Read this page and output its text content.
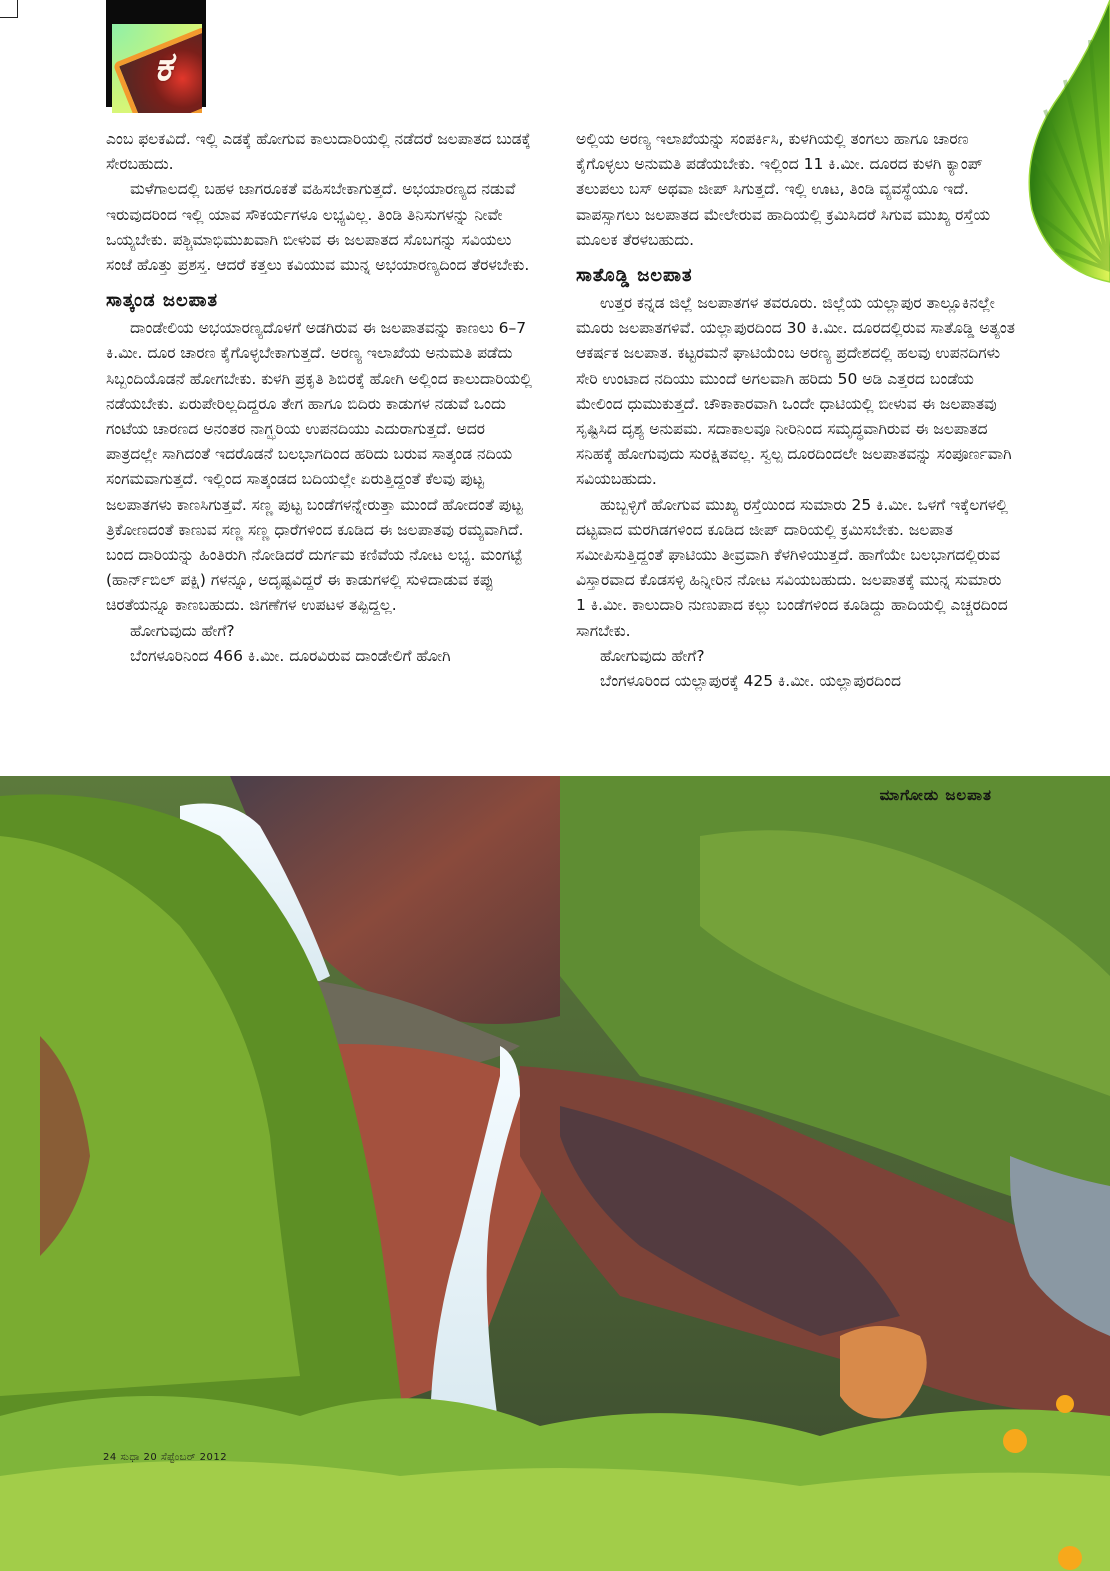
ಕ

ಎಂಬ ಫಲಕವಿದೆ. ಇಲ್ಲಿ ಎಡಕ್ಕೆ ಹೋಗುವ ಕಾಲುದಾರಿಯಲ್ಲಿ ನಡೆದರೆ ಜಲಪಾತದ ಬುಡಕ್ಕೆ ಸೇರಬಹುದು.

ಮಳೆಗಾಲದಲ್ಲಿ ಬಹಳ ಜಾಗರೂಕತೆ ವಹಿಸಬೇಕಾಗುತ್ತದೆ. ಅಭಯಾರಣ್ಯದ ನಡುವೆ ಇರುವುದರಿಂದ ಇಲ್ಲಿ ಯಾವ ಸೌಕರ್ಯಗಳೂ ಲಭ್ಯವಿಲ್ಲ. ತಿಂಡಿ ತಿನಿಸುಗಳನ್ನು ನೀವೇ ಒಯ್ಯಬೇಕು. ಪಶ್ಚಿಮಾಭಿಮುಖವಾಗಿ ಬೀಳುವ ಈ ಜಲಪಾತದ ಸೊಬಗನ್ನು ಸವಿಯಲು ಸಂಜೆ ಹೊತ್ತು ಪ್ರಶಸ್ತ. ಆದರೆ ಕತ್ತಲು ಕವಿಯುವ ಮುನ್ನ ಅಭಯಾರಣ್ಯದಿಂದ ತೆರಳಬೇಕು.

ಸಾತ್ಕಂಡ ಜಲಪಾತ

ದಾಂಡೇಲಿಯ ಅಭಯಾರಣ್ಯದೊಳಗೆ ಅಡಗಿರುವ ಈ ಜಲಪಾತವನ್ನು ಕಾಣಲು 6–7 ಕಿ.ಮೀ. ದೂರ ಚಾರಣ ಕೈಗೊಳ್ಳಬೇಕಾಗುತ್ತದೆ. ಅರಣ್ಯ ಇಲಾಖೆಯ ಅನುಮತಿ ಪಡೆದು ಸಿಬ್ಬಂದಿಯೊಡನೆ ಹೋಗಬೇಕು. ಕುಳಗಿ ಪ್ರಕೃತಿ ಶಿಬಿರಕ್ಕೆ ಹೋಗಿ ಅಲ್ಲಿಂದ ಕಾಲುದಾರಿಯಲ್ಲಿ ನಡೆಯಬೇಕು. ಏರುಪೇರಿಲ್ಲದಿದ್ದರೂ ತೇಗ ಹಾಗೂ ಬಿದಿರು ಕಾಡುಗಳ ನಡುವೆ ಒಂದು ಗಂಟೆಯ ಚಾರಣದ ಅನಂತರ ನಾಗ್ಝರಿಯ ಉಪನದಿಯು ಎದುರಾಗುತ್ತದೆ. ಅದರ ಪಾತ್ರದಲ್ಲೇ ಸಾಗಿದಂತೆ ಇದರೊಡನೆ ಬಲಭಾಗದಿಂದ ಹರಿದು ಬರುವ ಸಾತ್ಕಂಡ ನದಿಯ ಸಂಗಮವಾಗುತ್ತದೆ. ಇಲ್ಲಿಂದ ಸಾತ್ಕಂಡದ ಬದಿಯಲ್ಲೇ ಏರುತ್ತಿದ್ದಂತೆ ಕೆಲವು ಪುಟ್ಟ ಜಲಪಾತಗಳು ಕಾಣಸಿಗುತ್ತವೆ. ಸಣ್ಣ ಪುಟ್ಟ ಬಂಡೆಗಳನ್ನೇರುತ್ತಾ ಮುಂದೆ ಹೋದಂತೆ ಪುಟ್ಟ ತ್ರಿಕೋಣದಂತೆ ಕಾಣುವ ಸಣ್ಣ ಸಣ್ಣ ಧಾರೆಗಳಿಂದ ಕೂಡಿದ ಈ ಜಲಪಾತವು ರಮ್ಯವಾಗಿದೆ. ಬಂದ ದಾರಿಯನ್ನು ಹಿಂತಿರುಗಿ ನೋಡಿದರೆ ದುರ್ಗಮ ಕಣಿವೆಯ ನೋಟ ಲಭ್ಯ. ಮಂಗಟ್ಟೆ (ಹಾರ್ನ್‌ಬಿಲ್ ಪಕ್ಷಿ) ಗಳನ್ನೂ, ಅದೃಷ್ಟವಿದ್ದರೆ ಈ ಕಾಡುಗಳಲ್ಲಿ ಸುಳಿದಾಡುವ ಕಪ್ಪು ಚಿರತೆಯನ್ನೂ ಕಾಣಬಹುದು. ಜಿಗಣೆಗಳ ಉಪಟಳ ತಪ್ಪಿದ್ದಲ್ಲ.

ಹೋಗುವುದು ಹೇಗೆ?

ಬೆಂಗಳೂರಿನಿಂದ 466 ಕಿ.ಮೀ. ದೂರವಿರುವ ದಾಂಡೇಲಿಗೆ ಹೋಗಿ

ಅಲ್ಲಿಯ ಅರಣ್ಯ ಇಲಾಖೆಯನ್ನು ಸಂಪರ್ಕಿಸಿ, ಕುಳಗಿಯಲ್ಲಿ ತಂಗಲು ಹಾಗೂ ಚಾರಣ ಕೈಗೊಳ್ಳಲು ಅನುಮತಿ ಪಡೆಯಬೇಕು. ಇಲ್ಲಿಂದ 11 ಕಿ.ಮೀ. ದೂರದ ಕುಳಗಿ ಕ್ಯಾಂಪ್ ತಲುಪಲು ಬಸ್ ಅಥವಾ ಜೀಪ್ ಸಿಗುತ್ತದೆ. ಇಲ್ಲಿ ಊಟ, ತಿಂಡಿ ವ್ಯವಸ್ಥೆಯೂ ಇದೆ. ವಾಪಸ್ಸಾಗಲು ಜಲಪಾತದ ಮೇಲೇರುವ ಹಾದಿಯಲ್ಲಿ ಕ್ರಮಿಸಿದರೆ ಸಿಗುವ ಮುಖ್ಯ ರಸ್ತೆಯ ಮೂಲಕ ತೆರಳಬಹುದು.

ಸಾತೊಡ್ಡಿ ಜಲಪಾತ

ಉತ್ತರ ಕನ್ನಡ ಜಿಲ್ಲೆ ಜಲಪಾತಗಳ ತವರೂರು. ಜಿಲ್ಲೆಯ ಯಲ್ಲಾಪುರ ತಾಲ್ಲೂಕಿನಲ್ಲೇ ಮೂರು ಜಲಪಾತಗಳಿವೆ. ಯಲ್ಲಾಪುರದಿಂದ 30 ಕಿ.ಮೀ. ದೂರದಲ್ಲಿರುವ ಸಾತೊಡ್ಡಿ ಅತ್ಯಂತ ಆಕರ್ಷಕ ಜಲಪಾತ. ಕಟ್ಟರಮನೆ ಘಾಟಿಯೆಂಬ ಅರಣ್ಯ ಪ್ರದೇಶದಲ್ಲಿ ಹಲವು ಉಪನದಿಗಳು ಸೇರಿ ಉಂಟಾದ ನದಿಯು ಮುಂದೆ ಅಗಲವಾಗಿ ಹರಿದು 50 ಅಡಿ ಎತ್ತರದ ಬಂಡೆಯ ಮೇಲಿಂದ ಧುಮುಕುತ್ತದೆ. ಚೌಕಾಕಾರವಾಗಿ ಒಂದೇ ಧಾಟಿಯಲ್ಲಿ ಬೀಳುವ ಈ ಜಲಪಾತವು ಸೃಷ್ಟಿಸಿದ ದೃಶ್ಯ ಅನುಪಮ. ಸದಾಕಾಲವೂ ನೀರಿನಿಂದ ಸಮೃದ್ಧವಾಗಿರುವ ಈ ಜಲಪಾತದ ಸನಿಹಕ್ಕೆ ಹೋಗುವುದು ಸುರಕ್ಷಿತವಲ್ಲ. ಸ್ವಲ್ಪ ದೂರದಿಂದಲೇ ಜಲಪಾತವನ್ನು ಸಂಪೂರ್ಣವಾಗಿ ಸವಿಯಬಹುದು.

ಹುಬ್ಬಳ್ಳಿಗೆ ಹೋಗುವ ಮುಖ್ಯ ರಸ್ತೆಯಿಂದ ಸುಮಾರು 25 ಕಿ.ಮೀ. ಒಳಗೆ ಇಕ್ಕೆಲಗಳಲ್ಲಿ ದಟ್ಟವಾದ ಮರಗಿಡಗಳಿಂದ ಕೂಡಿದ ಜೀಪ್ ದಾರಿಯಲ್ಲಿ ಕ್ರಮಿಸಬೇಕು. ಜಲಪಾತ ಸಮೀಪಿಸುತ್ತಿದ್ದಂತೆ ಘಾಟಿಯು ತೀವ್ರವಾಗಿ ಕೆಳಗಿಳಿಯುತ್ತದೆ. ಹಾಗೆಯೇ ಬಲಭಾಗದಲ್ಲಿರುವ ವಿಸ್ತಾರವಾದ ಕೊಡಸಳ್ಳಿ ಹಿನ್ನೀರಿನ ನೋಟ ಸವಿಯಬಹುದು. ಜಲಪಾತಕ್ಕೆ ಮುನ್ನ ಸುಮಾರು 1 ಕಿ.ಮೀ. ಕಾಲುದಾರಿ ನುಣುಪಾದ ಕಲ್ಲು ಬಂಡೆಗಳಿಂದ ಕೂಡಿದ್ದು ಹಾದಿಯಲ್ಲಿ ಎಚ್ಚರದಿಂದ ಸಾಗಬೇಕು.

ಹೋಗುವುದು ಹೇಗೆ?

ಬೆಂಗಳೂರಿಂದ ಯಲ್ಲಾಪುರಕ್ಕೆ 425 ಕಿ.ಮೀ. ಯಲ್ಲಾಪುರದಿಂದ

ಮಾಗೋಡು ಜಲಪಾತ
24 ಸುಧಾ 20 ಸೆಪ್ಟೆಂಬರ್ 2012
